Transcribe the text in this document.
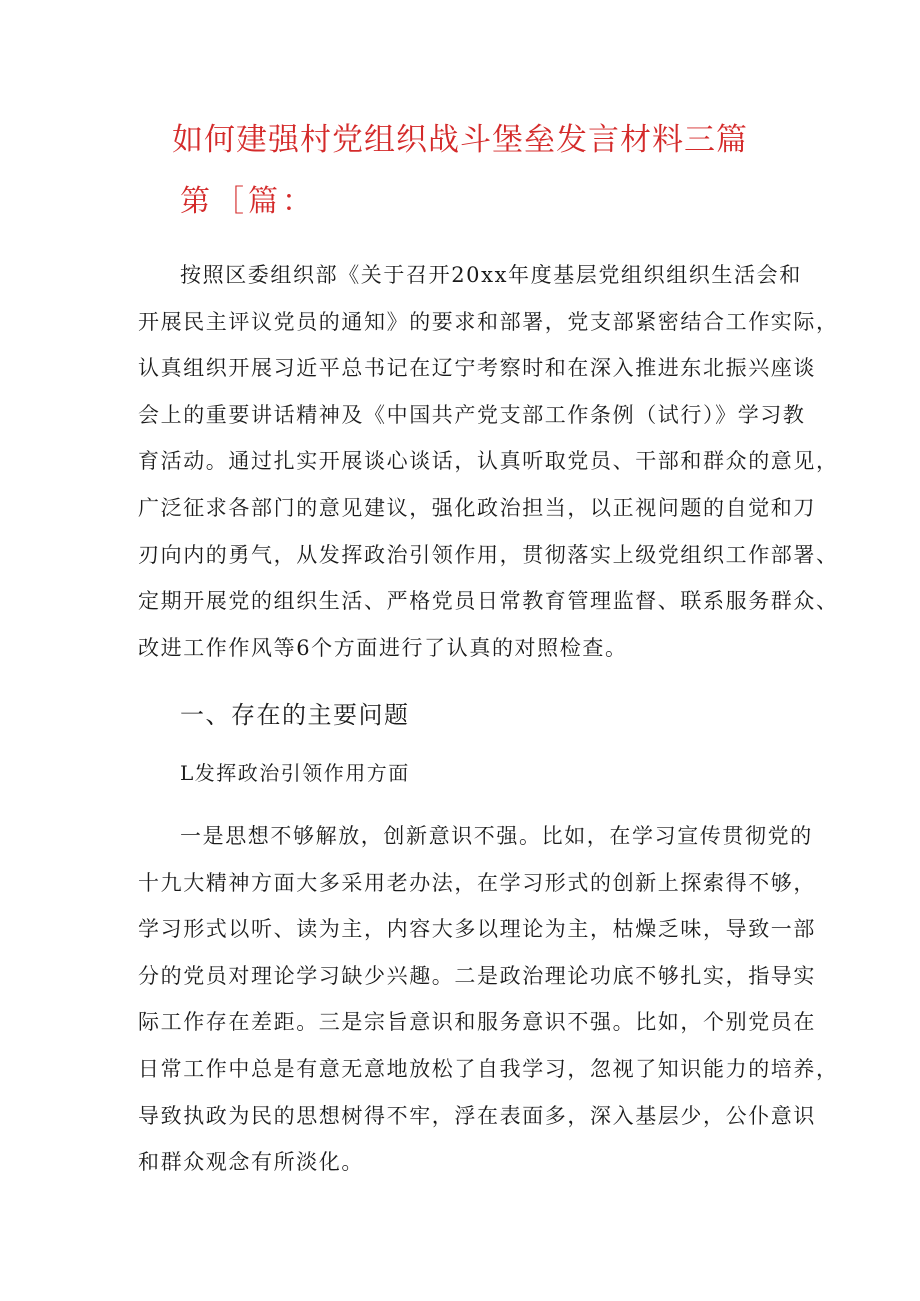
如何建强村党组织战斗堡垒发言材料三篇
第［篇：
按照区委组织部《关于召开20xx年度基层党组织组织生活会和
开展民主评议党员的通知》的要求和部署，党支部紧密结合工作实际，
认真组织开展习近平总书记在辽宁考察时和在深入推进东北振兴座谈
会上的重要讲话精神及《中国共产党支部工作条例（试行）》学习教
育活动。通过扎实开展谈心谈话，认真听取党员、干部和群众的意见，
广泛征求各部门的意见建议，强化政治担当，以正视问题的自觉和刀
刃向内的勇气，从发挥政治引领作用，贯彻落实上级党组织工作部署、
定期开展党的组织生活、严格党员日常教育管理监督、联系服务群众、
改进工作作风等6个方面进行了认真的对照检查。
一、存在的主要问题
L发挥政治引领作用方面
一是思想不够解放，创新意识不强。比如，在学习宣传贯彻党的
十九大精神方面大多采用老办法，在学习形式的创新上探索得不够，
学习形式以听、读为主，内容大多以理论为主，枯燥乏味，导致一部
分的党员对理论学习缺少兴趣。二是政治理论功底不够扎实，指导实
际工作存在差距。三是宗旨意识和服务意识不强。比如，个别党员在
日常工作中总是有意无意地放松了自我学习，忽视了知识能力的培养，
导致执政为民的思想树得不牢，浮在表面多，深入基层少，公仆意识
和群众观念有所淡化。
